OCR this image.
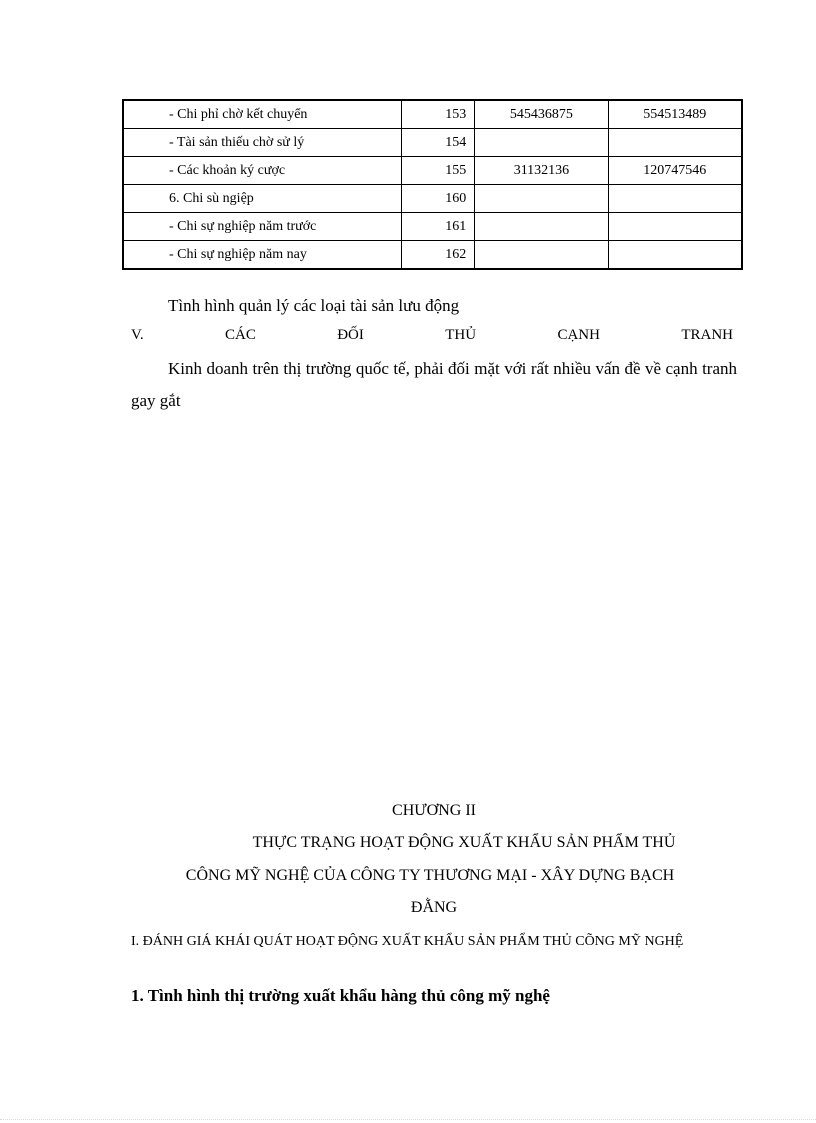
- Chi phỉ chờ kết chuyển	153	545436875	554513489
- Tài sản thiếu chờ sử lý	154		
- Các khoản ký cược	155	31132136	120747546
6. Chi sù ngiệp	160		
- Chi sự nghiệp năm trước	161		
- Chi sự nghiệp năm nay	162		
Tình hình quản lý các loại tài sản lưu động
V.	CÁC	ĐỐI	THỦ	CẠNH	TRANH
Kinh doanh trên thị trường quốc tế, phải đối mặt với rất nhiều vấn đề về cạnh tranh gay gắt
CHƯƠNG II
THỰC TRẠNG HOẠT ĐỘNG XUẤT KHẨU SẢN PHẨM THỦ
CÔNG MỸ NGHỆ CỦA CÔNG TY THƯƠNG MẠI - XÂY DỰNG BẠCH
ĐẰNG
I. ĐÁNH GIÁ KHÁI QUÁT HOẠT ĐỘNG XUẤT KHẨU SẢN PHẨM THỦ CÕNG MỸ NGHỆ
1. Tình hình thị trường xuất khẩu hàng thủ công mỹ nghệ
